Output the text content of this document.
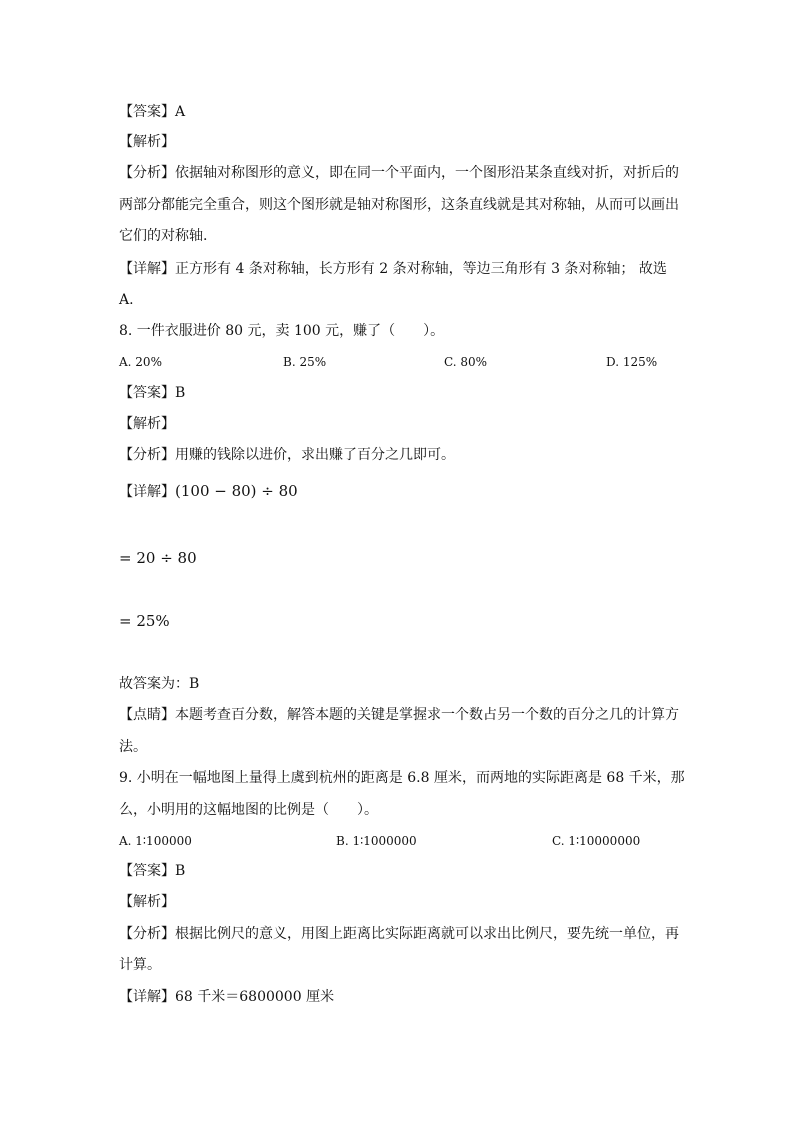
【答案】A
【解析】
【分析】依据轴对称图形的意义，即在同一个平面内，一个图形沿某条直线对折，对折后的
两部分都能完全重合，则这个图形就是轴对称图形，这条直线就是其对称轴，从而可以画出
它们的对称轴.
【详解】正方形有 4 条对称轴，长方形有 2 条对称轴，等边三角形有 3 条对称轴； 故选
A.
8. 一件衣服进价 80 元，卖 100 元，赚了（　　）。
A. 20%	B. 25%	C. 80%	D. 125%
【答案】B
【解析】
【分析】用赚的钱除以进价，求出赚了百分之几即可。
【详解】(100 − 80) ÷ 80
= 20 ÷ 80
= 25%
故答案为：B
【点睛】本题考查百分数，解答本题的关键是掌握求一个数占另一个数的百分之几的计算方
法。
9. 小明在一幅地图上量得上虞到杭州的距离是 6.8 厘米，而两地的实际距离是 68 千米，那
么，小明用的这幅地图的比例是（　　）。
A. 1∶100000	B. 1∶1000000	C. 1∶10000000
【答案】B
【解析】
【分析】根据比例尺的意义，用图上距离比实际距离就可以求出比例尺，要先统一单位，再
计算。
【详解】68 千米＝6800000 厘米
